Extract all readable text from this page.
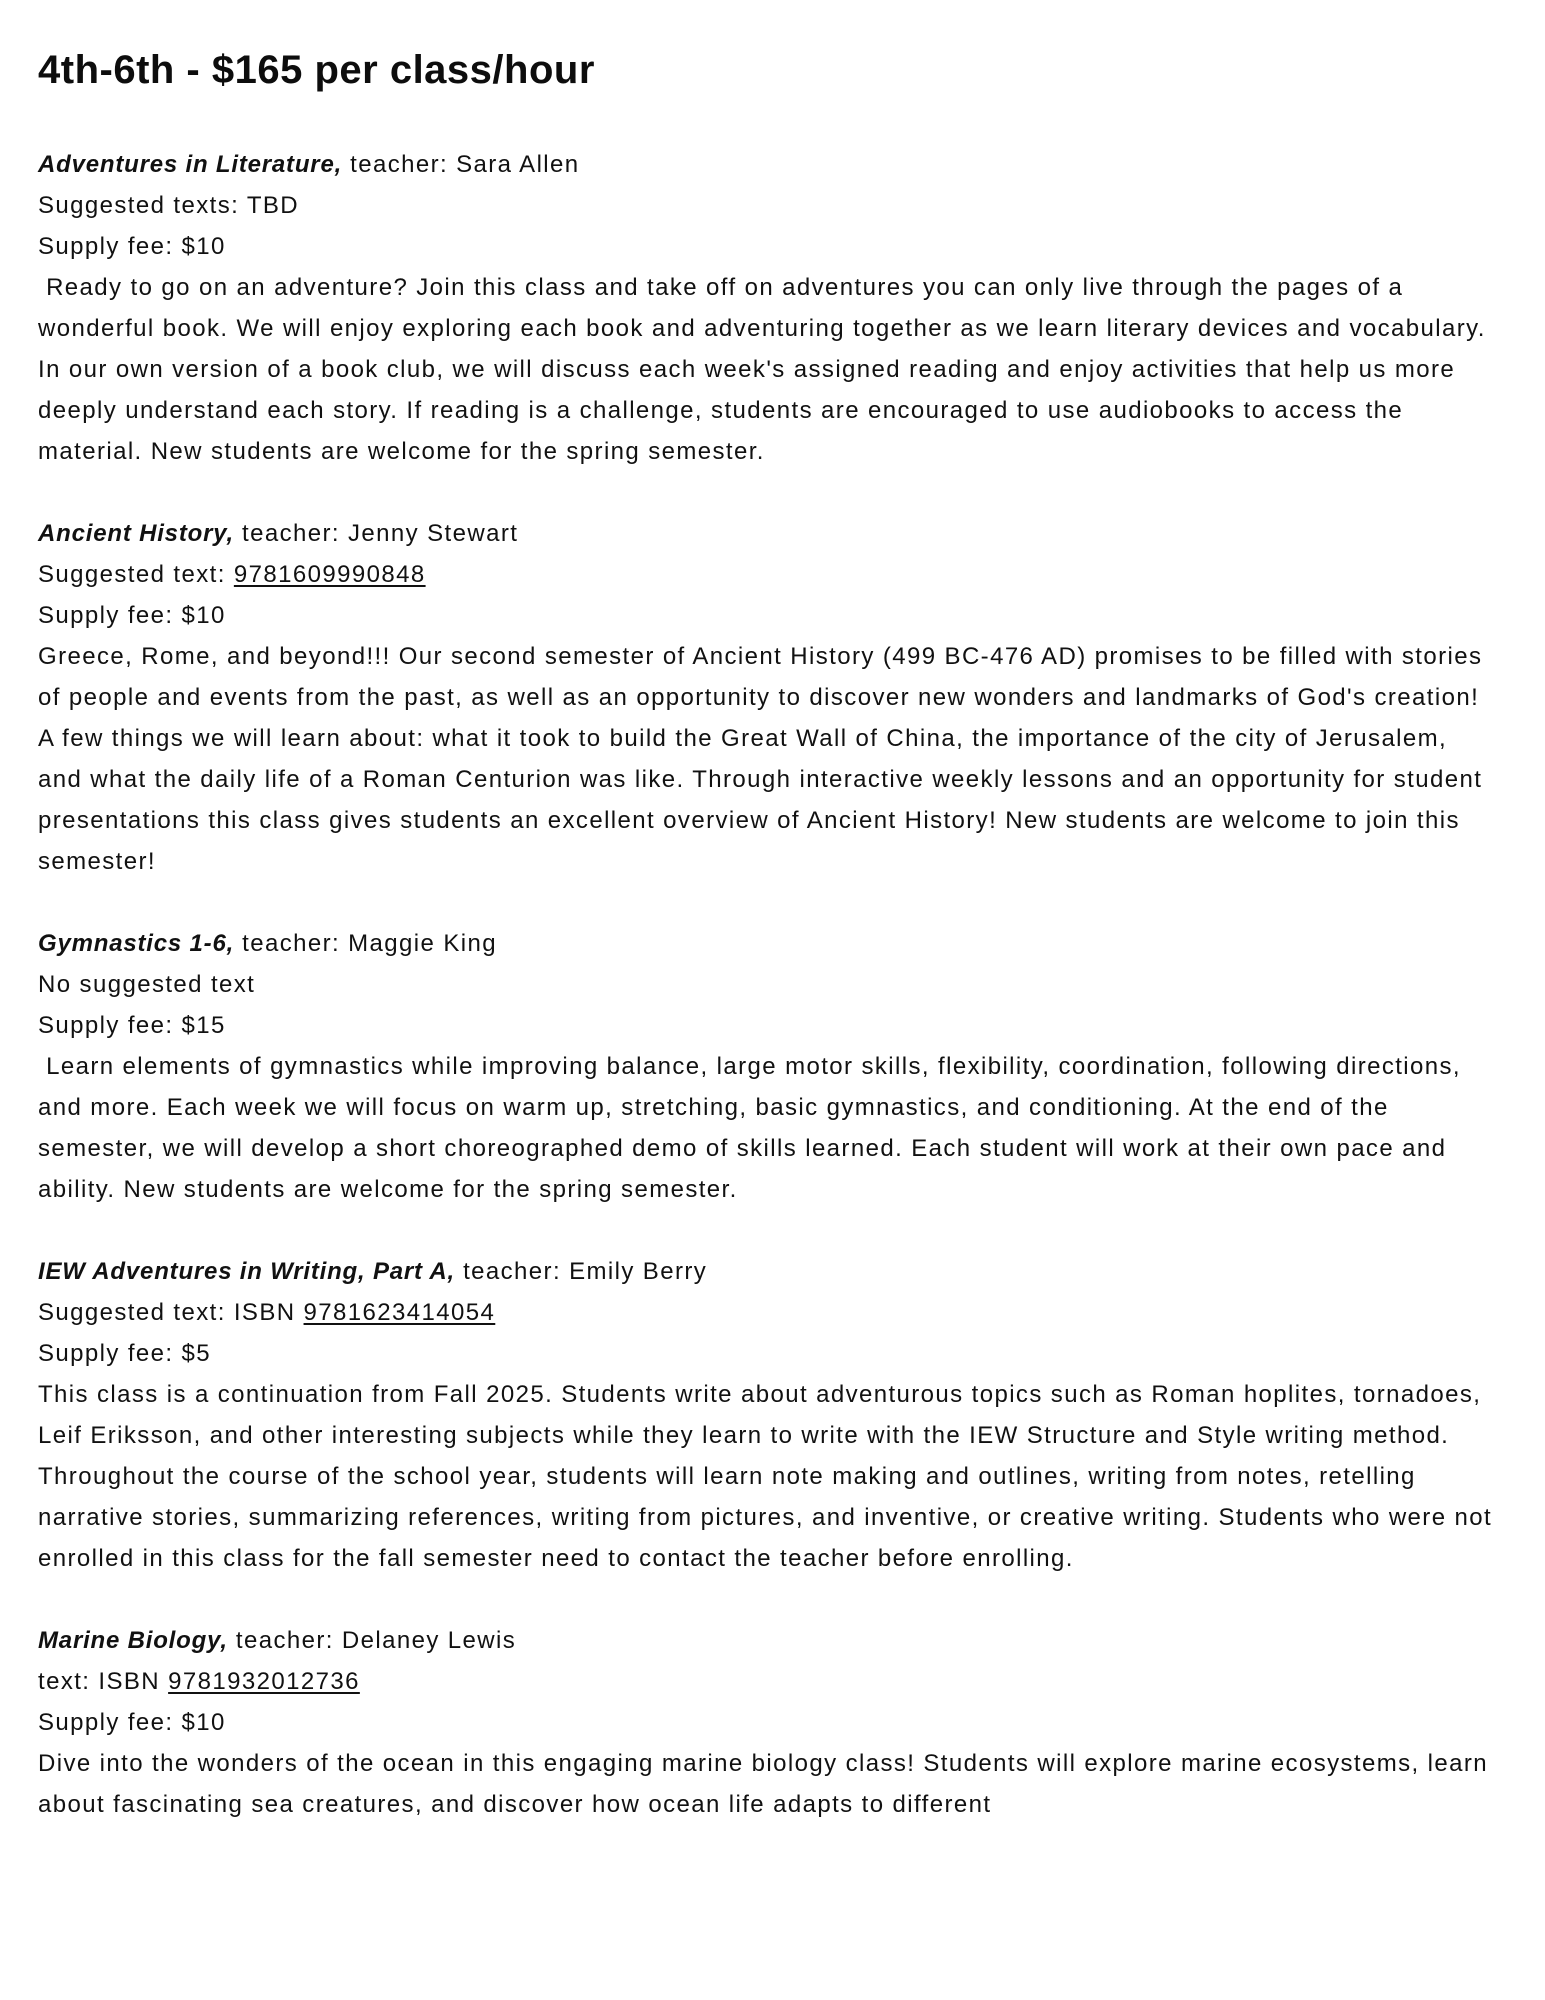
4th-6th - $165 per class/hour

Adventures in Literature, teacher: Sara Allen

Suggested texts: TBD

Supply fee: $10

Ready to go on an adventure? Join this class and take off on adventures you can only live through the pages of a wonderful book. We will enjoy exploring each book and adventuring together as we learn literary devices and vocabulary. In our own version of a book club, we will discuss each week's assigned reading and enjoy activities that help us more deeply understand each story. If reading is a challenge, students are encouraged to use audiobooks to access the material. New students are welcome for the spring semester.

Ancient History, teacher: Jenny Stewart

Suggested text: 9781609990848

Supply fee: $10

Greece, Rome, and beyond!!! Our second semester of Ancient History (499 BC-476 AD) promises to be filled with stories of people and events from the past, as well as an opportunity to discover new wonders and landmarks of God's creation! A few things we will learn about: what it took to build the Great Wall of China, the importance of the city of Jerusalem, and what the daily life of a Roman Centurion was like. Through interactive weekly lessons and an opportunity for student presentations this class gives students an excellent overview of Ancient History! New students are welcome to join this semester!

Gymnastics 1-6, teacher: Maggie King

No suggested text

Supply fee: $15

Learn elements of gymnastics while improving balance, large motor skills, flexibility, coordination, following directions, and more. Each week we will focus on warm up, stretching, basic gymnastics, and conditioning. At the end of the semester, we will develop a short choreographed demo of skills learned. Each student will work at their own pace and ability. New students are welcome for the spring semester.

IEW Adventures in Writing, Part A, teacher: Emily Berry

Suggested text: ISBN 9781623414054

Supply fee: $5

This class is a continuation from Fall 2025. Students write about adventurous topics such as Roman hoplites, tornadoes, Leif Eriksson, and other interesting subjects while they learn to write with the IEW Structure and Style writing method. Throughout the course of the school year, students will learn note making and outlines, writing from notes, retelling narrative stories, summarizing references, writing from pictures, and inventive, or creative writing. Students who were not enrolled in this class for the fall semester need to contact the teacher before enrolling.

Marine Biology, teacher: Delaney Lewis

text: ISBN 9781932012736

Supply fee: $10

Dive into the wonders of the ocean in this engaging marine biology class! Students will explore marine ecosystems, learn about fascinating sea creatures, and discover how ocean life adapts to different
